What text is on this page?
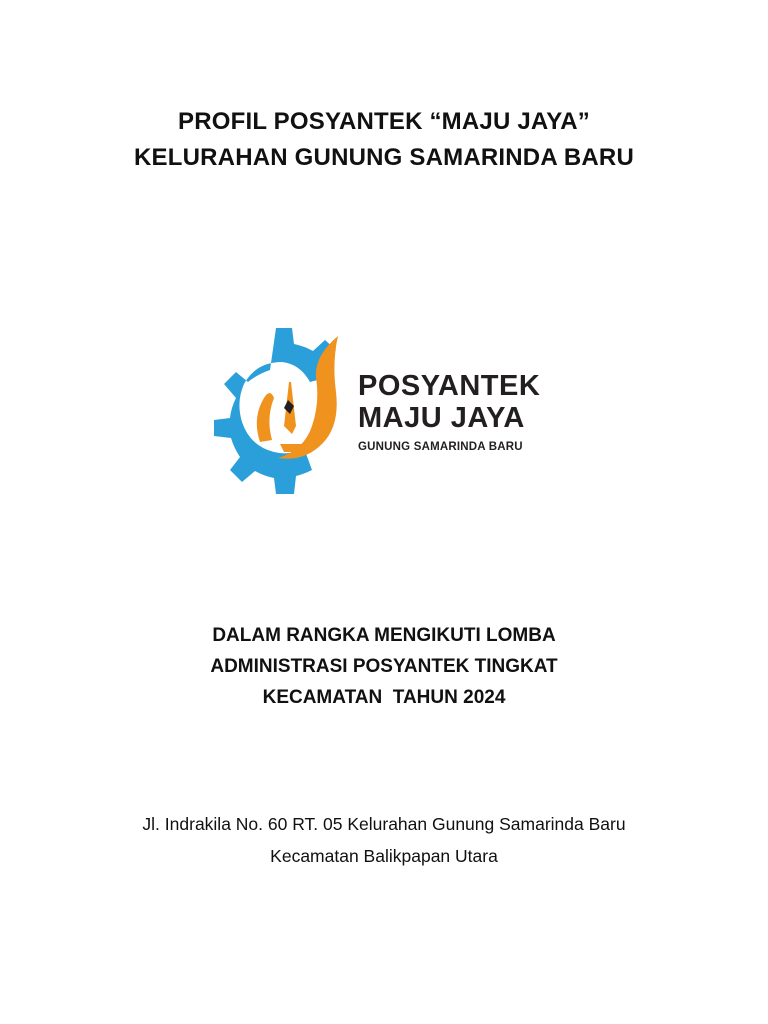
PROFIL POSYANTEK “MAJU JAYA”
KELURAHAN GUNUNG SAMARINDA BARU
POSYANTEK
MAJU JAYA
GUNUNG SAMARINDA BARU
DALAM RANGKA MENGIKUTI LOMBA
ADMINISTRASI POSYANTEK TINGKAT
KECAMATAN  TAHUN 2024
Jl. Indrakila No. 60 RT. 05 Kelurahan Gunung Samarinda Baru
Kecamatan Balikpapan Utara
